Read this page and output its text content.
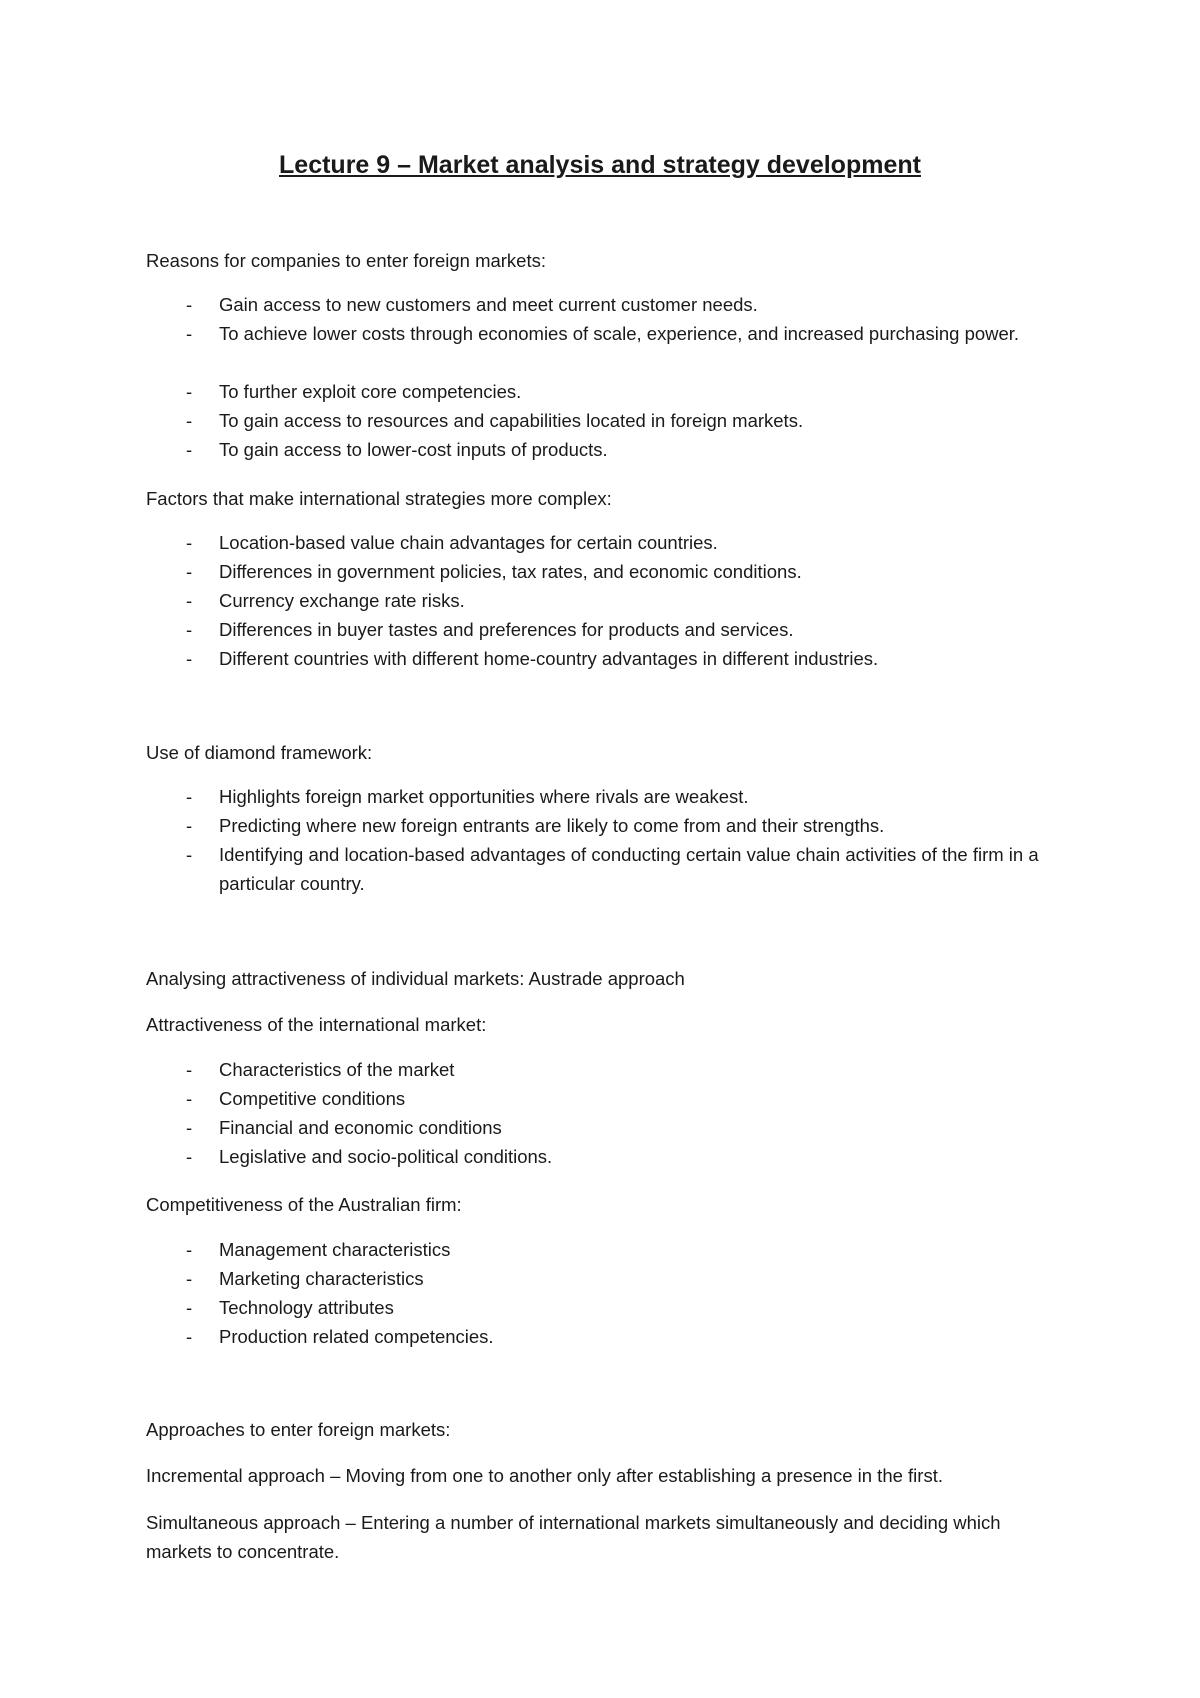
Lecture 9 – Market analysis and strategy development

Reasons for companies to enter foreign markets:

- Gain access to new customers and meet current customer needs.

- To achieve lower costs through economies of scale, experience, and increased purchasing power.

- To further exploit core competencies.

- To gain access to resources and capabilities located in foreign markets.

- To gain access to lower-cost inputs of products.

Factors that make international strategies more complex:

- Location-based value chain advantages for certain countries.

- Differences in government policies, tax rates, and economic conditions.

- Currency exchange rate risks.

- Differences in buyer tastes and preferences for products and services.

- Different countries with different home-country advantages in different industries.

Use of diamond framework:

- Highlights foreign market opportunities where rivals are weakest.

- Predicting where new foreign entrants are likely to come from and their strengths.

- Identifying and location-based advantages of conducting certain value chain activities of the firm in a particular country.

Analysing attractiveness of individual markets: Austrade approach

Attractiveness of the international market:

- Characteristics of the market

- Competitive conditions

- Financial and economic conditions

- Legislative and socio-political conditions.

Competitiveness of the Australian firm:

- Management characteristics

- Marketing characteristics

- Technology attributes

- Production related competencies.

Approaches to enter foreign markets:

Incremental approach – Moving from one to another only after establishing a presence in the first.

Simultaneous approach – Entering a number of international markets simultaneously and deciding which markets to concentrate.
